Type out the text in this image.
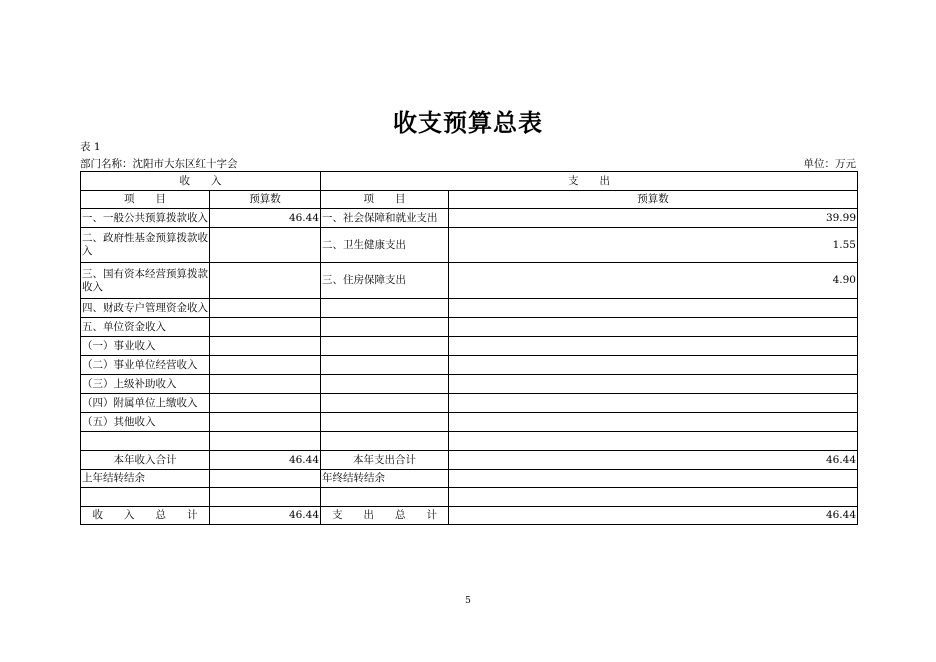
收支预算总表
表 1
部门名称：沈阳市大东区红十字会	单位：万元
收　　入		支　　出	
项　　目	预算数	项　　目	预算数
一、一般公共预算拨款收入	46.44	一、社会保障和就业支出	39.99
二、政府性基金预算拨款收入		二、卫生健康支出	1.55
三、国有资本经营预算拨款收入		三、住房保障支出	4.90
四、财政专户管理资金收入			
五、单位资金收入			
（一）事业收入			
（二）事业单位经营收入			
（三）上级补助收入			
（四）附属单位上缴收入			
（五）其他收入			

本年收入合计	46.44	本年支出合计	46.44
上年结转结余		年终结转结余	

收　　入　　总　　计	46.44	支　　出　　总　　计	46.44
5
